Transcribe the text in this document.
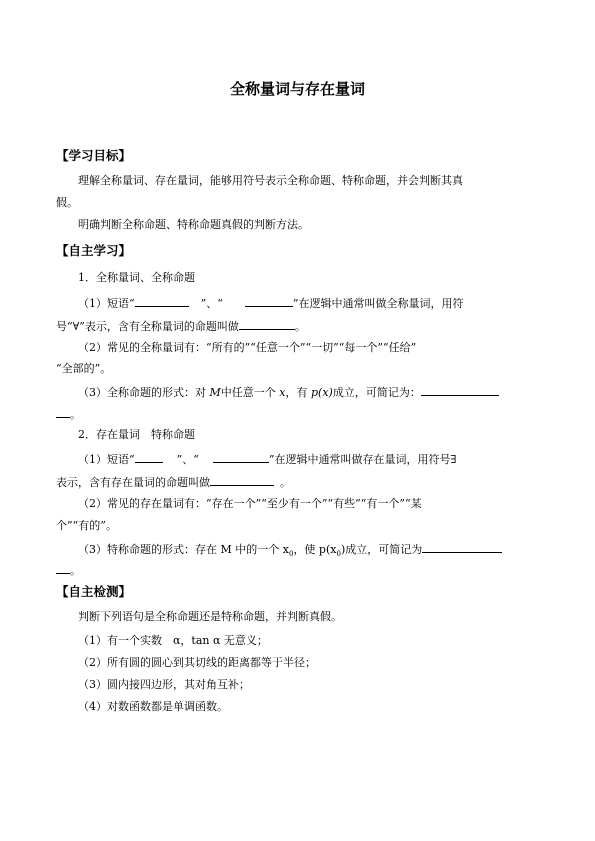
全称量词与存在量词
【学习目标】
理解全称量词、存在量词，能够用符号表示全称命题、特称命题，并会判断其真
假。
明确判断全称命题、特称命题真假的判断方法。
【自主学习】
1．全称量词、全称命题
（1）短语“	”、“	”在逻辑中通常叫做全称量词，用符
号“∀”表示，含有全称量词的命题叫做	。
（2）常见的全称量词有：“所有的”“任意一个”“一切”“每一个”“任给”
“全部的”。
（3）全称命题的形式：对 M中任意一个 x，有 p(x)成立，可简记为：
。
2．存在量词　特称命题
（1）短语“	”、“	”在逻辑中通常叫做存在量词，用符号∃
表示，含有存在量词的命题叫做	。
（2）常见的存在量词有：“存在一个”“至少有一个”“有些”“有一个”“某
个”“有的”。
（3）特称命题的形式：存在 M 中的一个 $x_0$，使 $p(x_0)$成立，可简记为
。
【自主检测】
判断下列语句是全称命题还是特称命题，并判断真假。
（1）有一个实数　α，tan α 无意义；
（2）所有圆的圆心到其切线的距离都等于半径；
（3）圆内接四边形，其对角互补；
（4）对数函数都是单调函数。
